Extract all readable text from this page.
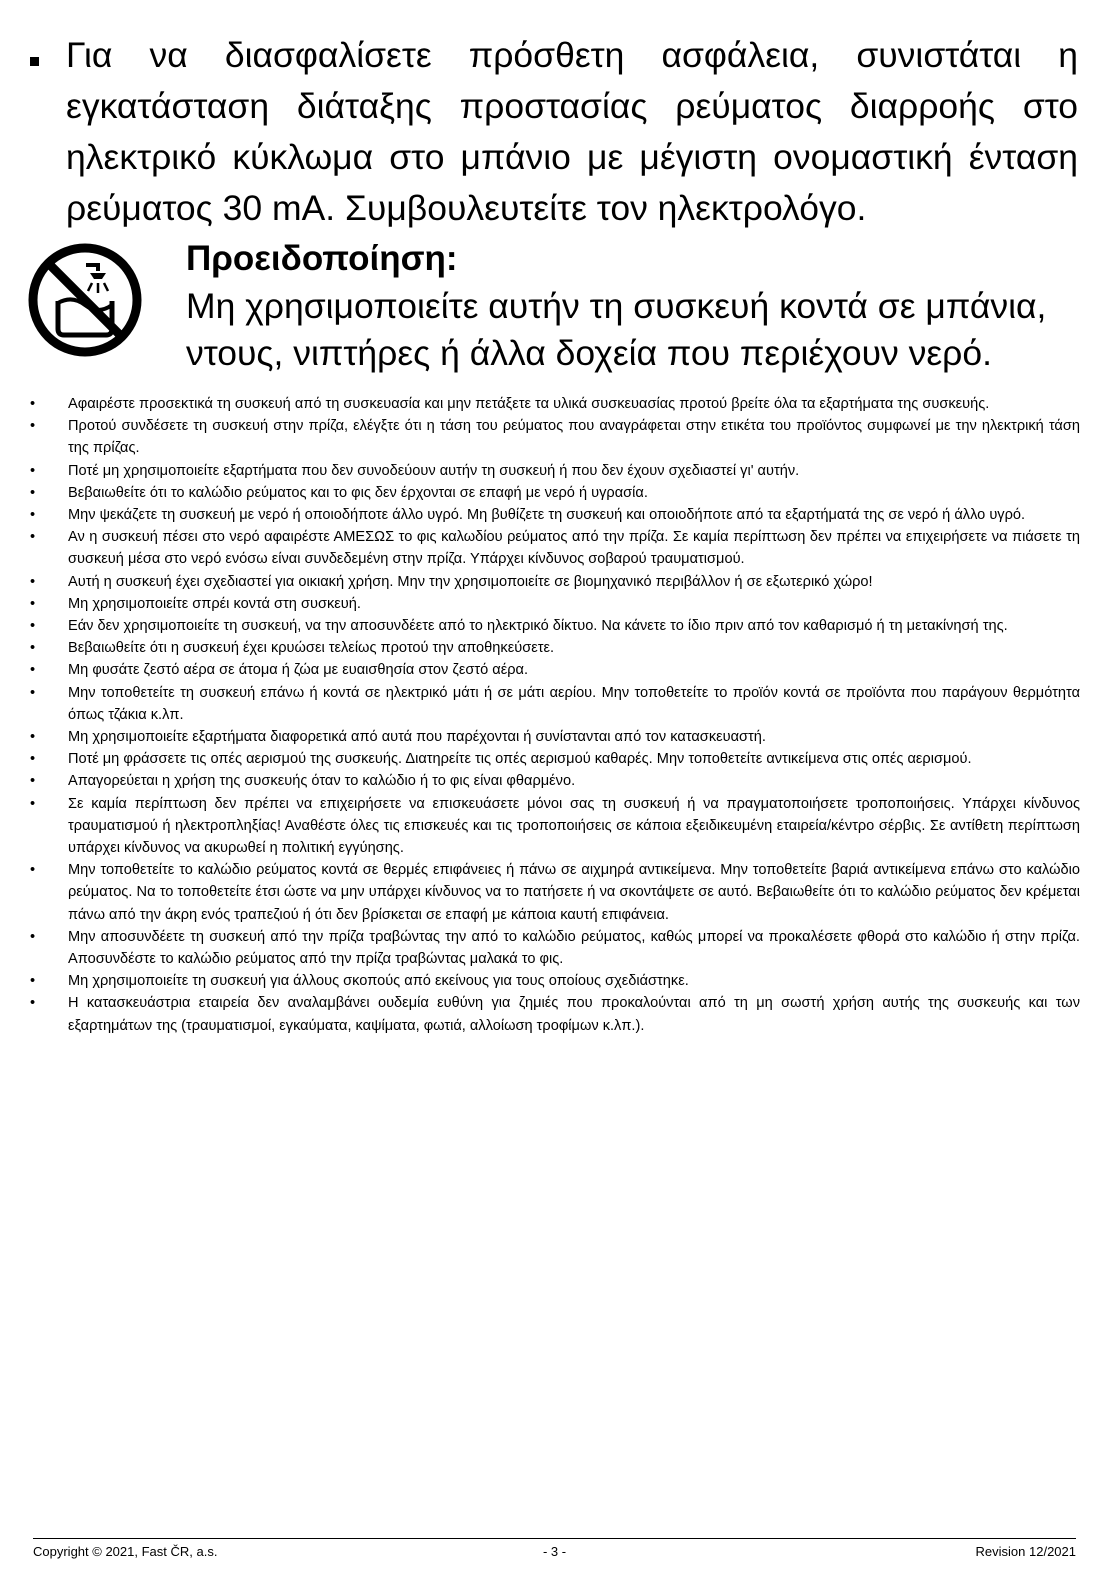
Για να διασφαλίσετε πρόσθετη ασφάλεια, συνιστάται η εγκατάσταση διάταξης προστασίας ρεύματος διαρροής στο ηλεκτρικό κύκλωμα στο μπάνιο με μέγιστη ονομαστική ένταση ρεύματος 30 mA. Συμβουλευτείτε τον ηλεκτρολόγο.
Προειδοποίηση:
Μη χρησιμοποιείτε αυτήν τη συσκευή κοντά σε μπάνια, ντους, νιπτήρες ή άλλα δοχεία που περιέχουν νερό.
• Αφαιρέστε προσεκτικά τη συσκευή από τη συσκευασία και μην πετάξετε τα υλικά συσκευασίας προτού βρείτε όλα τα εξαρτήματα της συσκευής.
• Προτού συνδέσετε τη συσκευή στην πρίζα, ελέγξτε ότι η τάση του ρεύματος που αναγράφεται στην ετικέτα του προϊόντος συμφωνεί με την ηλεκτρική τάση της πρίζας.
• Ποτέ μη χρησιμοποιείτε εξαρτήματα που δεν συνοδεύουν αυτήν τη συσκευή ή που δεν έχουν σχεδιαστεί γι' αυτήν.
• Βεβαιωθείτε ότι το καλώδιο ρεύματος και το φις δεν έρχονται σε επαφή με νερό ή υγρασία.
• Μην ψεκάζετε τη συσκευή με νερό ή οποιοδήποτε άλλο υγρό. Μη βυθίζετε τη συσκευή και οποιοδήποτε από τα εξαρτήματά της σε νερό ή άλλο υγρό.
• Αν η συσκευή πέσει στο νερό αφαιρέστε ΑΜΕΣΩΣ το φις καλωδίου ρεύματος από την πρίζα. Σε καμία περίπτωση δεν πρέπει να επιχειρήσετε να πιάσετε τη συσκευή μέσα στο νερό ενόσω είναι συνδεδεμένη στην πρίζα. Υπάρχει κίνδυνος σοβαρού τραυματισμού.
• Αυτή η συσκευή έχει σχεδιαστεί για οικιακή χρήση. Μην την χρησιμοποιείτε σε βιομηχανικό περιβάλλον ή σε εξωτερικό χώρο!
• Μη χρησιμοποιείτε σπρέι κοντά στη συσκευή.
• Εάν δεν χρησιμοποιείτε τη συσκευή, να την αποσυνδέετε από το ηλεκτρικό δίκτυο. Να κάνετε το ίδιο πριν από τον καθαρισμό ή τη μετακίνησή της.
• Βεβαιωθείτε ότι η συσκευή έχει κρυώσει τελείως προτού την αποθηκεύσετε.
• Μη φυσάτε ζεστό αέρα σε άτομα ή ζώα με ευαισθησία στον ζεστό αέρα.
• Μην τοποθετείτε τη συσκευή επάνω ή κοντά σε ηλεκτρικό μάτι ή σε μάτι αερίου. Μην τοποθετείτε το προϊόν κοντά σε προϊόντα που παράγουν θερμότητα όπως τζάκια κ.λπ.
• Μη χρησιμοποιείτε εξαρτήματα διαφορετικά από αυτά που παρέχονται ή συνίστανται από τον κατασκευαστή.
• Ποτέ μη φράσσετε τις οπές αερισμού της συσκευής. Διατηρείτε τις οπές αερισμού καθαρές. Μην τοποθετείτε αντικείμενα στις οπές αερισμού.
• Απαγορεύεται η χρήση της συσκευής όταν το καλώδιο ή το φις είναι φθαρμένο.
• Σε καμία περίπτωση δεν πρέπει να επιχειρήσετε να επισκευάσετε μόνοι σας τη συσκευή ή να πραγματοποιήσετε τροποποιήσεις. Υπάρχει κίνδυνος τραυματισμού ή ηλεκτροπληξίας! Αναθέστε όλες τις επισκευές και τις τροποποιήσεις σε κάποια εξειδικευμένη εταιρεία/κέντρο σέρβις. Σε αντίθετη περίπτωση υπάρχει κίνδυνος να ακυρωθεί η πολιτική εγγύησης.
• Μην τοποθετείτε το καλώδιο ρεύματος κοντά σε θερμές επιφάνειες ή πάνω σε αιχμηρά αντικείμενα. Μην τοποθετείτε βαριά αντικείμενα επάνω στο καλώδιο ρεύματος. Να το τοποθετείτε έτσι ώστε να μην υπάρχει κίνδυνος να το πατήσετε ή να σκοντάψετε σε αυτό. Βεβαιωθείτε ότι το καλώδιο ρεύματος δεν κρέμεται πάνω από την άκρη ενός τραπεζιού ή ότι δεν βρίσκεται σε επαφή με κάποια καυτή επιφάνεια.
• Μην αποσυνδέετε τη συσκευή από την πρίζα τραβώντας την από το καλώδιο ρεύματος, καθώς μπορεί να προκαλέσετε φθορά στο καλώδιο ή στην πρίζα. Αποσυνδέστε το καλώδιο ρεύματος από την πρίζα τραβώντας μαλακά το φις.
• Μη χρησιμοποιείτε τη συσκευή για άλλους σκοπούς από εκείνους για τους οποίους σχεδιάστηκε.
• Η κατασκευάστρια εταιρεία δεν αναλαμβάνει ουδεμία ευθύνη για ζημιές που προκαλούνται από τη μη σωστή χρήση αυτής της συσκευής και των εξαρτημάτων της (τραυματισμοί, εγκαύματα, καψίματα, φωτιά, αλλοίωση τροφίμων κ.λπ.).
Copyright © 2021, Fast ČR, a.s.	- 3 -	Revision 12/2021
